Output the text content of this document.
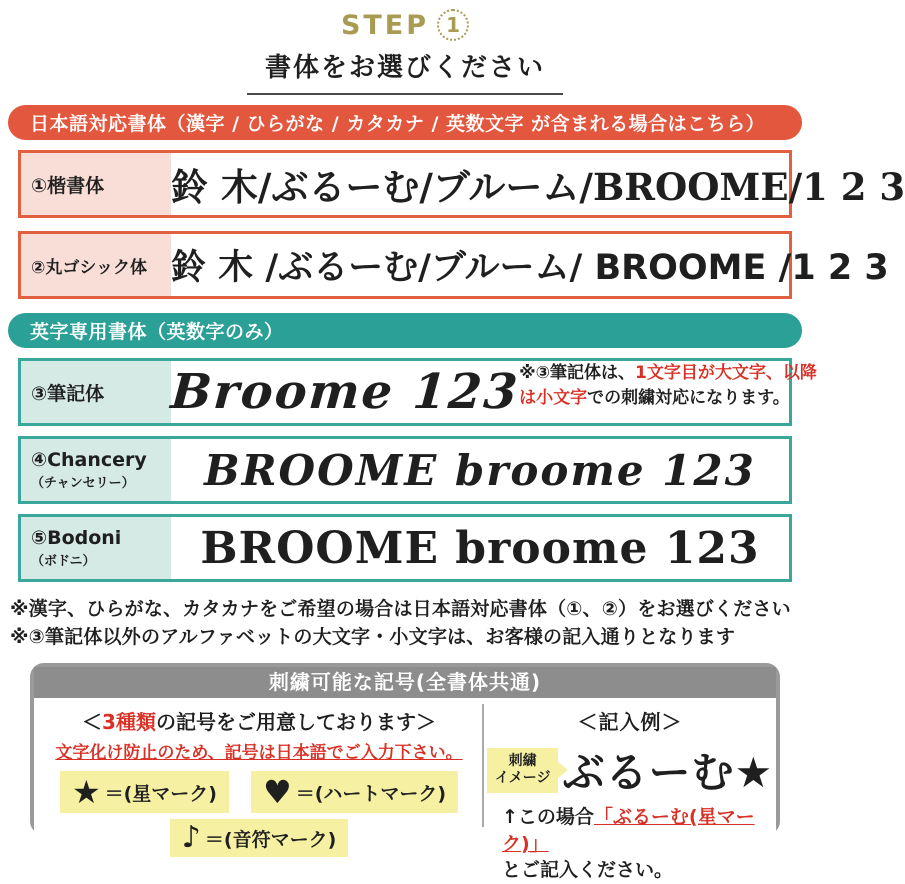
STEP 1
書体をお選びください
日本語対応書体（漢字 / ひらがな / カタカナ / 英数文字 が含まれる場合はこちら）
①楷書体	鈴 木/ぶるーむ/ブルーム/BROOME/1 2 3
②丸ゴシック体 鈴 木 /ぶるーむ/ブルーム/ BROOME /1 2 3
英字専用書体（英数字のみ）
③筆記体	Broome 123
※③筆記体は、1文字目が大文字、以降は小文字での刺繍対応になります。
④Chancery
（チャンセリー）	BROOME broome 123
⑤Bodoni
（ボドニ）	BROOME broome 123
※漢字、ひらがな、カタカナをご希望の場合は日本語対応書体（①、②）をお選びください
※③筆記体以外のアルファベットの大文字・小文字は、お客様の記入通りとなります
刺繍可能な記号(全書体共通)
＜3種類の記号をご用意しております＞
文字化け防止のため、記号は日本語でご入力下さい。
★ ＝(星マーク) ♥ ＝(ハートマーク)
♪ ＝(音符マーク)
＜記入例＞
刺繍
イメージ ぶるーむ★
↑この場合「ぶるーむ(星マーク)」
とご記入ください。
